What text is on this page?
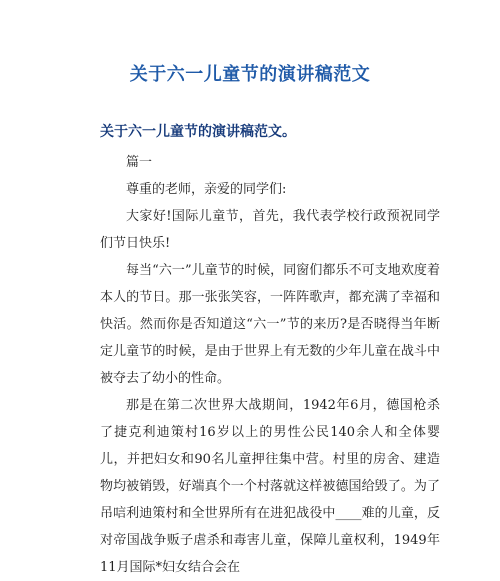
关于六一儿童节的演讲稿范文
关于六一儿童节的演讲稿范文。

篇一

尊重的老师，亲爱的同学们:

大家好!国际儿童节，首先，我代表学校行政预祝同学们节日快乐!

每当“六一”儿童节的时候，同窗们都乐不可支地欢度着本人的节日。那一张张笑容，一阵阵歌声，都充满了幸福和快活。然而你是否知道这“六一”节的来历?是否晓得当年断定儿童节的时候，是由于世界上有无数的少年儿童在战斗中被夺去了幼小的性命。

那是在第二次世界大战期间，1942年6月，德国枪杀了捷克利迪策村16岁以上的男性公民140余人和全体婴儿，并把妇女和90名儿童押往集中营。村里的房舍、建造物均被销毁，好端真个一个村落就这样被德国给毁了。为了吊唁利迪策村和全世界所有在进犯战役中____难的儿童，反对帝国战争贩子虐杀和毒害儿童，保障儿童权利，1949年11月国际*妇女结合会在
